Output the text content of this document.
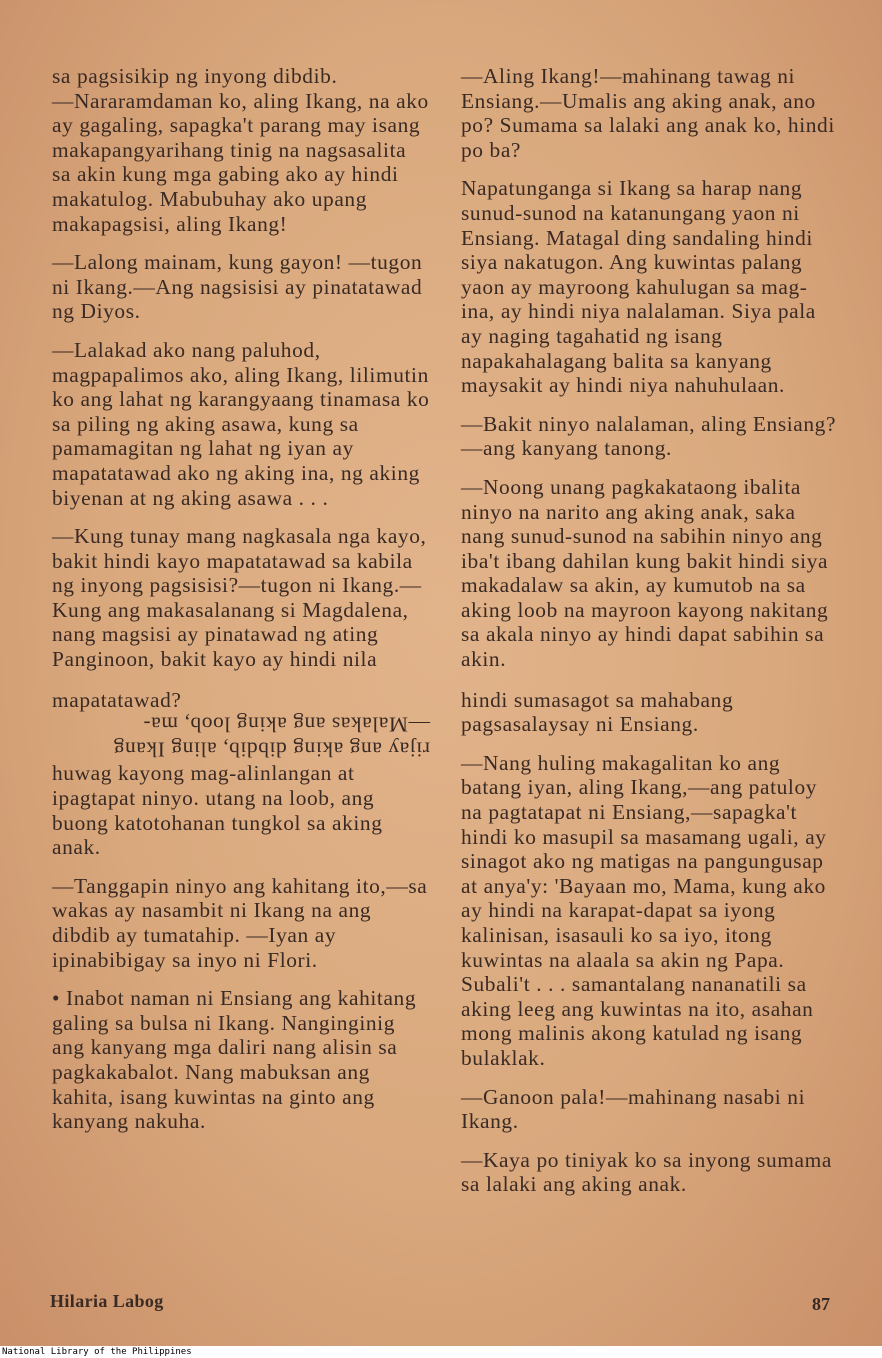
sa pagsisikip ng inyong dibdib.

—Nararamdaman ko, aling Ikang, na ako ay gagaling, sapagka't parang may isang makapangyarihang tinig na nagsasalita sa akin kung mga gabing ako ay hindi makatulog. Mabubuhay ako upang makapagsisi, aling Ikang!

—Lalong mainam, kung gayon! —tugon ni Ikang.—Ang nagsisisi ay pinatatawad ng Diyos.

—Lalakad ako nang paluhod, magpapalimos ako, aling Ikang, lilimutin ko ang lahat ng karangyaang tinamasa ko sa piling ng aking asawa, kung sa pamamagitan ng lahat ng iyan ay mapatatawad ako ng aking ina, ng aking biyenan at ng aking asawa . . .

—Kung tunay mang nagkasala nga kayo, bakit hindi kayo mapatatawad sa kabila ng inyong pagsisisi?—tugon ni Ikang.—Kung ang makasalanang si Magdalena, nang magsisi ay pinatawad ng ating Panginoon, bakit kayo ay hindi nila

mapatatawad?

—Malakas ang aking loob, ma-

rijay ang aking dibdib, aling Ikang

huwag kayong mag-alinlangan at ipagtapat ninyo. utang na loob, ang buong katotohanan tungkol sa aking anak.

—Tanggapin ninyo ang kahitang ito,—sa wakas ay nasambit ni Ikang na ang dibdib ay tumatahip. —Iyan ay ipinabibigay sa inyo ni Flori.

• Inabot naman ni Ensiang ang kahitang galing sa bulsa ni Ikang. Nanginginig ang kanyang mga daliri nang alisin sa pagkakabalot. Nang mabuksan ang kahita, isang kuwintas na ginto ang kanyang nakuha.

—Aling Ikang!—mahinang tawag ni Ensiang.—Umalis ang aking anak, ano po? Sumama sa lalaki ang anak ko, hindi po ba?

Napatunganga si Ikang sa harap nang sunud-sunod na katanungang yaon ni Ensiang. Matagal ding sandaling hindi siya nakatugon. Ang kuwintas palang yaon ay mayroong kahulugan sa mag-ina, ay hindi niya nalalaman. Siya pala ay naging tagahatid ng isang napakahalagang balita sa kanyang maysakit ay hindi niya nahuhulaan.

—Bakit ninyo nalalaman, aling Ensiang?—ang kanyang tanong.

—Noong unang pagkakataong ibalita ninyo na narito ang aking anak, saka nang sunud-sunod na sabihin ninyo ang iba't ibang dahilan kung bakit hindi siya makadalaw sa akin, ay kumutob na sa aking loob na mayroon kayong nakitang sa akala ninyo ay hindi dapat sabihin sa akin.

hindi sumasagot sa mahabang pagsasalaysay ni Ensiang.

—Nang huling makagalitan ko ang batang iyan, aling Ikang,—ang patuloy na pagtatapat ni Ensiang,—sapagka't hindi ko masupil sa masamang ugali, ay sinagot ako ng matigas na pangungusap at anya'y: 'Bayaan mo, Mama, kung ako ay hindi na karapat-dapat sa iyong kalinisan, isasauli ko sa iyo, itong kuwintas na alaala sa akin ng Papa. Subali't . . . samantalang nananatili sa aking leeg ang kuwintas na ito, asahan mong malinis akong katulad ng isang bulaklak.

—Ganoon pala!—mahinang nasabi ni Ikang.

—Kaya po tiniyak ko sa inyong sumama sa lalaki ang aking anak.

Hilaria Labog	87
National Library of the Philippines
